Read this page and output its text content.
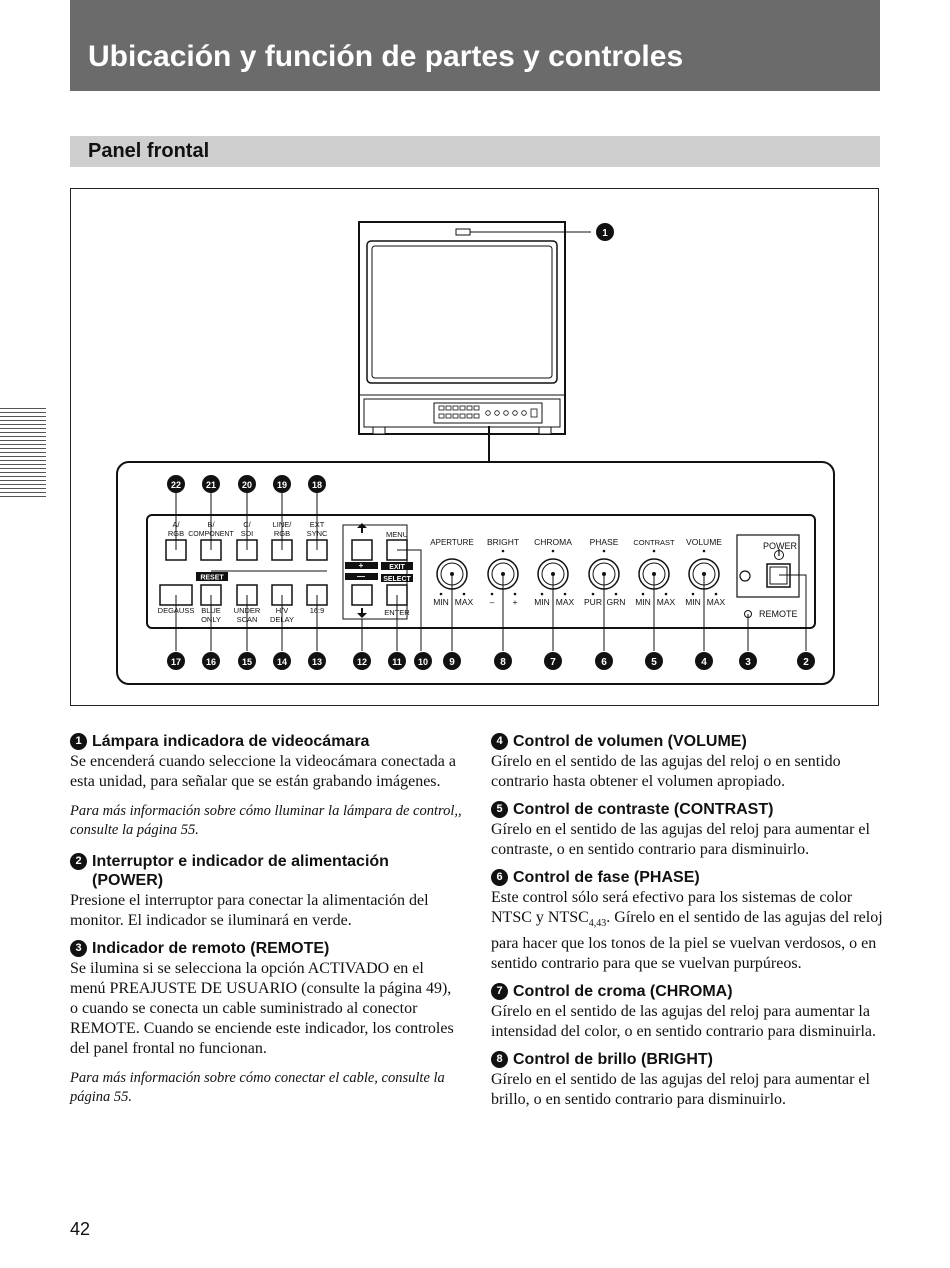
Ubicación y función de partes y controles
Panel frontal
A/
RGB
B/
COMPONENT
C/
SDI
LINE/
RGB
EXT
SYNC
RESET
DEGAUSS BLUE
ONLY
UNDER
SCAN
H/V
DELAY
16:9
+
—
MENU
EXIT
SELECT
ENTER
APERTURE BRIGHT CHROMA PHASE CONTRAST VOLUME
MIN MAX – + MIN MAX PUR GRN MIN MAX MIN MAX
POWER
REMOTE
1
22	21	20	19	18
17	16	15	14	13	12	11 10 9	8	7	6	5	4	3	2
1 Lámpara indicadora de videocámara

Se encenderá cuando seleccione la videocámara conectada a esta unidad, para señalar que se están grabando imágenes.

Para más información sobre cómo lluminar la lámpara de control,, consulte la página 55.

2 Interruptor e indicador de alimentación (POWER)

Presione el interruptor para conectar la alimentación del monitor. El indicador se iluminará en verde.

3 Indicador de remoto (REMOTE)

Se ilumina si se selecciona la opción ACTIVADO en el menú PREAJUSTE DE USUARIO (consulte la página 49), o cuando se conecta un cable suministrado al conector REMOTE. Cuando se enciende este indicador, los controles del panel frontal no funcionan.

Para más información sobre cómo conectar el cable, consulte la página 55.

4 Control de volumen (VOLUME)

Gírelo en el sentido de las agujas del reloj o en sentido contrario hasta obtener el volumen apropiado.

5 Control de contraste (CONTRAST)

Gírelo en el sentido de las agujas del reloj para aumentar el contraste, o en sentido contrario para disminuirlo.

6 Control de fase (PHASE)

Este control sólo será efectivo para los sistemas de color NTSC y $NTSC_{4,43}$. Gírelo en el sentido de las agujas del reloj para hacer que los tonos de la piel se vuelvan verdosos, o en sentido contrario para que se vuelvan purpúreos.

7 Control de croma (CHROMA)

Gírelo en el sentido de las agujas del reloj para aumentar la intensidad del color, o en sentido contrario para disminuirla.

8 Control de brillo (BRIGHT)

Gírelo en el sentido de las agujas del reloj para aumentar el brillo, o en sentido contrario para disminuirlo.

42
